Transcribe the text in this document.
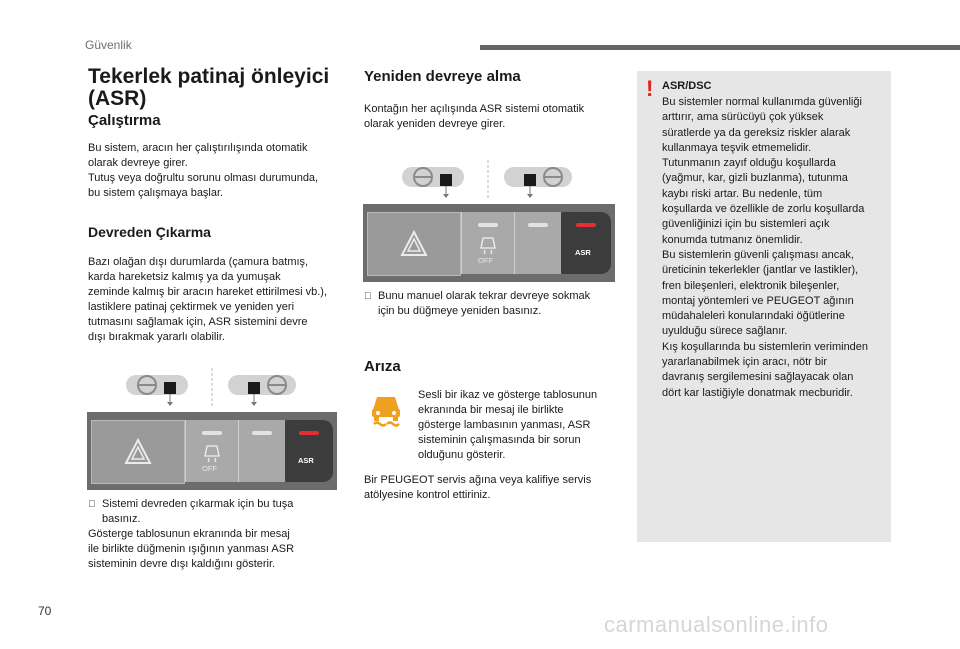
Güvenlik
Tekerlek patinaj önleyici
(ASR)
Çalıştırma
Bu sistem, aracın her çalıştırılışında otomatik
olarak devreye girer.
Tutuş veya doğrultu sorunu olması durumunda,
bu sistem çalışmaya başlar.
Devreden Çıkarma
Bazı olağan dışı durumlarda (çamura batmış,
karda hareketsiz kalmış ya da yumuşak
zeminde kalmış bir aracın hareket ettirilmesi vb.),
lastiklere patinaj çektirmek ve yeniden yeri
tutmasını sağlamak için, ASR sistemini devre
dışı bırakmak yararlı olabilir.
OFF
ASR
Sistemi devreden çıkarmak için bu tuşa
basınız.
Gösterge tablosunun ekranında bir mesaj
ile birlikte düğmenin ışığının yanması ASR
sisteminin devre dışı kaldığını gösterir.
Yeniden devreye alma
Kontağın her açılışında ASR sistemi otomatik
olarak yeniden devreye girer.
OFF
ASR
Bunu manuel olarak tekrar devreye sokmak
için bu düğmeye yeniden basınız.
Arıza
Sesli bir ikaz ve gösterge tablosunun
ekranında bir mesaj ile birlikte
gösterge lambasının yanması, ASR
sisteminin çalışmasında bir sorun
olduğunu gösterir.
Bir PEUGEOT servis ağına veya kalifiye servis
atölyesine kontrol ettiriniz.
! ASR/DSC
Bu sistemler normal kullanımda güvenliği
arttırır, ama sürücüyü çok yüksek
süratlerde ya da gereksiz riskler alarak
kullanmaya teşvik etmemelidir.
Tutunmanın zayıf olduğu koşullarda
(yağmur, kar, gizli buzlanma), tutunma
kaybı riski artar. Bu nedenle, tüm
koşullarda ve özellikle de zorlu koşullarda
güvenliğinizi için bu sistemleri açık
konumda tutmanız önemlidir.
Bu sistemlerin güvenli çalışması ancak,
üreticinin tekerlekler (jantlar ve lastikler),
fren bileşenleri, elektronik bileşenler,
montaj yöntemleri ve PEUGEOT ağının
müdahaleleri konularındaki öğütlerine
uyulduğu sürece sağlanır.
Kış koşullarında bu sistemlerin veriminden
yararlanabilmek için aracı, nötr bir
davranış sergilemesini sağlayacak olan
dört kar lastiğiyle donatmak mecburidir.
70
carmanualsonline.info
